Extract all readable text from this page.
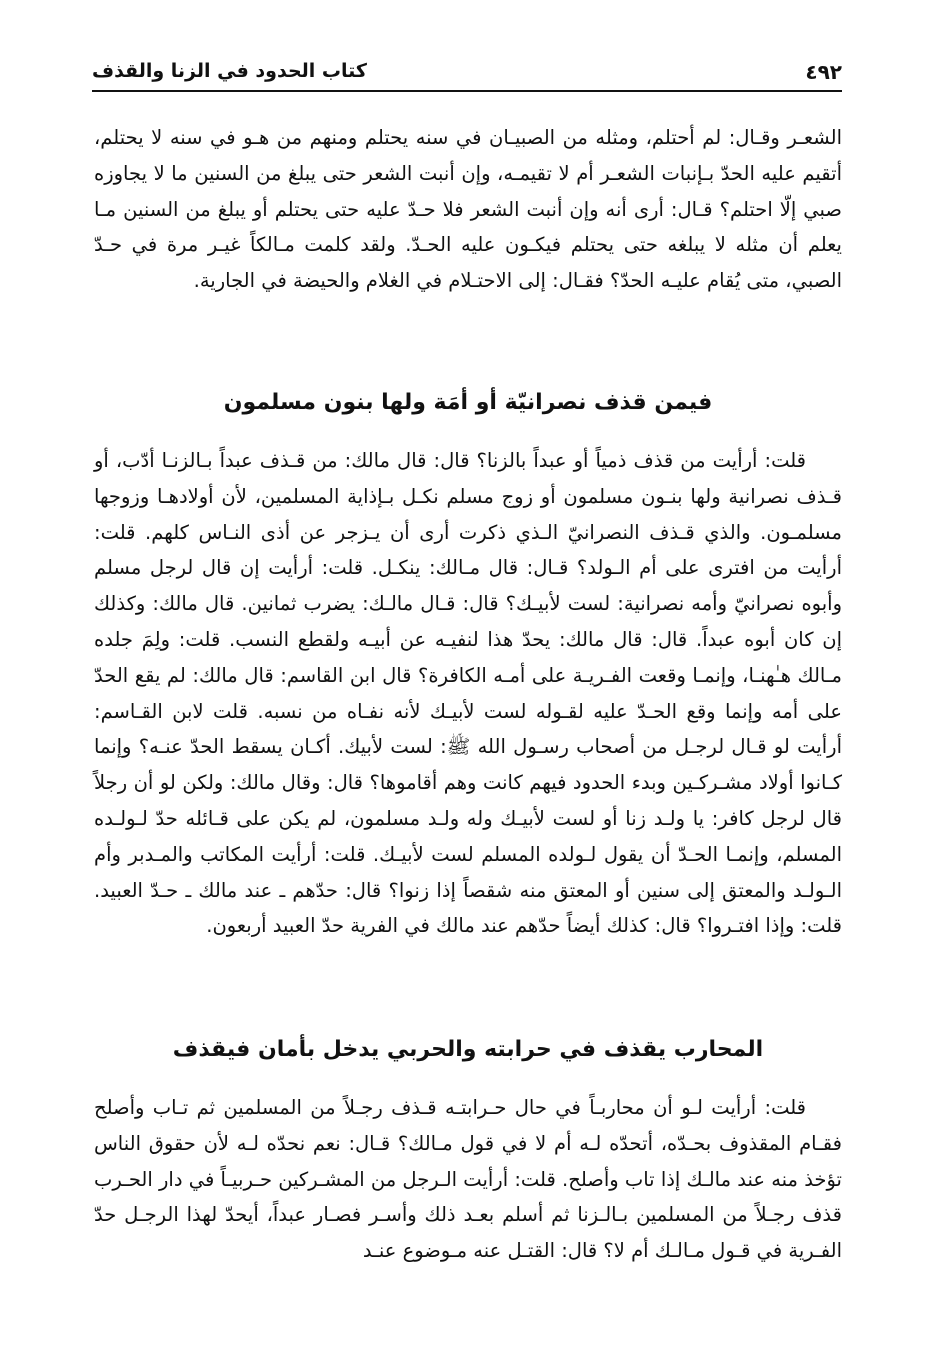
٤٩٢
كتاب الحدود في الزنا والقذف
الشعـر وقـال: لم أحتلم، ومثله من الصبيـان في سنه يحتلم ومنهم من هـو في سنه لا يحتلم، أتقيم عليه الحدّ بـإنبات الشعـر أم لا تقيمـه، وإن أنبت الشعر حتى يبلغ من السنين ما لا يجاوزه صبي إلّا احتلم؟ قـال: أرى أنه وإن أنبت الشعر فلا حـدّ عليه حتى يحتلم أو يبلغ من السنين مـا يعلم أن مثله لا يبلغه حتى يحتلم فيكـون عليه الحـدّ. ولقد كلمت مـالكاً غيـر مرة في حـدّ الصبي، متى يُقام عليـه الحدّ؟ فقـال: إلى الاحتـلام في الغلام والحيضة في الجارية.
فيمن قذف نصرانيّة أو أمَة ولها بنون مسلمون
قلت: أرأيت من قذف ذمياً أو عبداً بالزنا؟ قال: قال مالك: من قـذف عبداً بـالزنـا أدّب، أو قـذف نصرانية ولها بنـون مسلمون أو زوج مسلم نكـل بـإذاية المسلمين، لأن أولادهـا وزوجها مسلمـون. والذي قـذف النصرانيّ الـذي ذكرت أرى أن يـزجر عن أذى النـاس كلهم. قلت: أرأيت من افترى على أم الـولد؟ قـال: قال مـالك: ينكـل. قلت: أرأيت إن قال لرجل مسلم وأبوه نصرانيّ وأمه نصرانية: لست لأبيـك؟ قال: قـال مالـك: يضرب ثمانين. قال مالك: وكذلك إن كان أبوه عبداً. قال: قال مالك: يحدّ هذا لنفيـه عن أبيـه ولقطع النسب. قلت: ولِمَ جلده مـالك هـٰهنـا، وإنمـا وقعت الفـريـة على أمـه الكافرة؟ قال ابن القاسم: قال مالك: لم يقع الحدّ على أمه وإنما وقع الحـدّ عليه لقـوله لست لأبيـك لأنه نفـاه من نسبه. قلت لابن القـاسم: أرأيت لو قـال لرجـل من أصحاب رسـول الله ﷺ: لست لأبيك. أكـان يسقط الحدّ عنـه؟ وإنما كـانوا أولاد مشـركـين وبدء الحدود فيهم كانت وهم أقاموها؟ قال: وقال مالك: ولكن لو أن رجلاً قال لرجل كافر: يا ولـد زنا أو لست لأبيـك وله ولـد مسلمون، لم يكن على قـائله حدّ لـولـده المسلم، وإنمـا الحـدّ أن يقول لـولده المسلم لست لأبيـك. قلت: أرأيت المكاتب والمـدبر وأم الـولـد والمعتق إلى سنين أو المعتق منه شقصاً إذا زنوا؟ قال: حدّهم ـ عند مالك ـ حـدّ العبيد. قلت: وإذا افتـروا؟ قال: كذلك أيضاً حدّهم عند مالك في الفرية حدّ العبيد أربعون.
المحارب يقذف في حرابته والحربي يدخل بأمان فيقذف
قلت: أرأيت لـو أن محاربـاً في حال حـرابتـه قـذف رجـلاً من المسلمين ثم تـاب وأصلح فقـام المقذوف بحـدّه، أتحدّه لـه أم لا في قول مـالك؟ قـال: نعم نحدّه لـه لأن حقوق الناس تؤخذ منه عند مالـك إذا تاب وأصلح. قلت: أرأيت الـرجل من المشـركين حـربيـاً في دار الحـرب قذف رجـلاً من المسلمين بـالـزنا ثم أسلم بعـد ذلك وأسـر فصـار عبداً، أيحدّ لهذا الرجـل حدّ الفـرية في قـول مـالـك أم لا؟ قال: القتـل عنه مـوضوع عنـد
